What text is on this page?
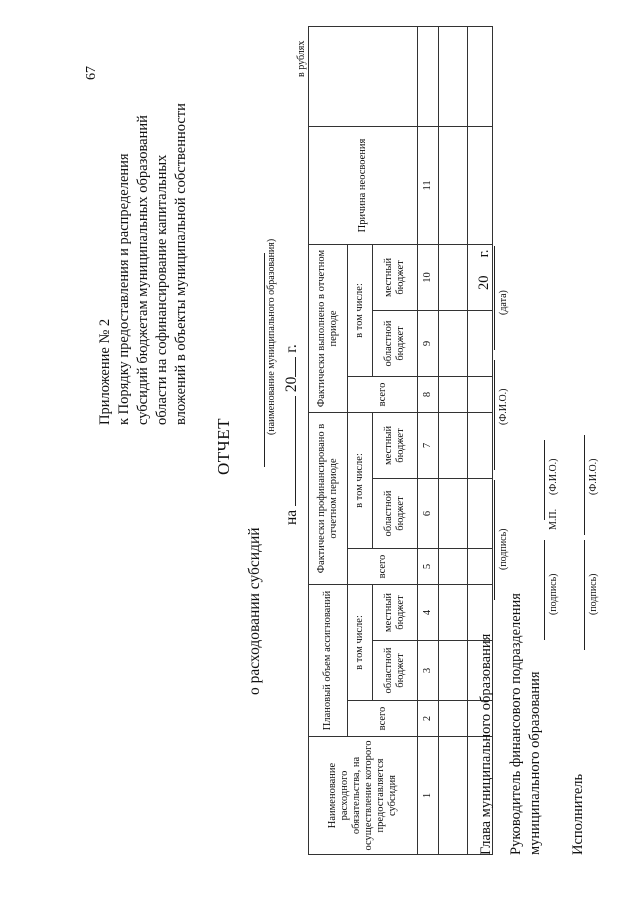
67
Приложение № 2 к Порядку предоставления и распределения субсидий бюджетам муниципальных образований области на софинансирование капитальных вложений в объекты муниципальной собственности
ОТЧЕТ
о расходовании субсидий
(наименование муниципального образования)
на  20 г.
в рублях
Наименование расходного обязательства, на осуществление которого предоставляется субсидия	Плановый объем ассигнований			Фактически профинансировано в отчетном периоде			Фактически выполнено в отчетном периоде			Причина неосвоения	
	всего	в том числе:		всего	в том числе:		всего	в том числе:			
		областной бюджет	местный бюджет		областной бюджет	местный бюджет		областной бюджет	местный бюджет		
1	2	3	4	5	6	7	8	9	10	11	

Глава муниципального образования
(подпись)
(Ф.И.О.)
(дата)
20     г.
Руководитель финансового подразделения муниципального образования
(подпись)
М.П.
(Ф.И.О.)
Исполнитель
(подпись)
(Ф.И.О.)
